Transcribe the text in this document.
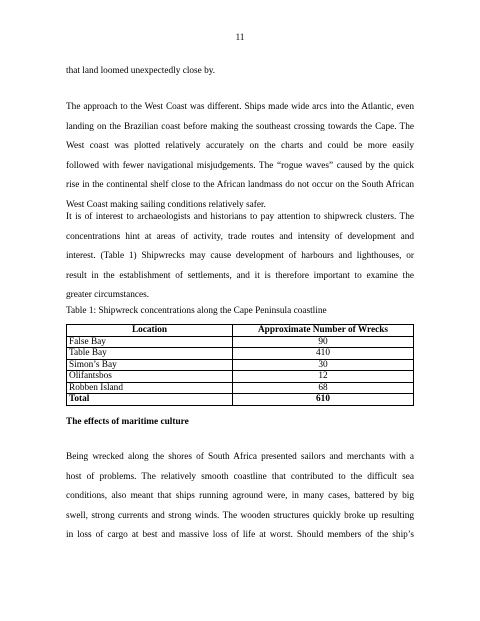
11

that land loomed unexpectedly close by.

The approach to the West Coast was different. Ships made wide arcs into the Atlantic, even
landing on the Brazilian coast before making the southeast crossing towards the Cape. The
West coast was plotted relatively accurately on the charts and could be more easily
followed with fewer navigational misjudgements. The “rogue waves” caused by the quick
rise in the continental shelf close to the African landmass do not occur on the South African
West Coast making sailing conditions relatively safer.

It is of interest to archaeologists and historians to pay attention to shipwreck clusters. The
concentrations hint at areas of activity, trade routes and intensity of development and
interest. (Table 1) Shipwrecks may cause development of harbours and lighthouses, or
result in the establishment of settlements, and it is therefore important to examine the
greater circumstances.

Table 1: Shipwreck concentrations along the Cape Peninsula coastline

Location	Approximate Number of Wrecks
False Bay	90
Table Bay	410
Simon’s Bay	30
Olifantsbos	12
Robben Island	68
Total	610

The effects of maritime culture

Being wrecked along the shores of South Africa presented sailors and merchants with a
host of problems. The relatively smooth coastline that contributed to the difficult sea
conditions, also meant that ships running aground were, in many cases, battered by big
swell, strong currents and strong winds. The wooden structures quickly broke up resulting
in loss of cargo at best and massive loss of life at worst. Should members of the ship’s
